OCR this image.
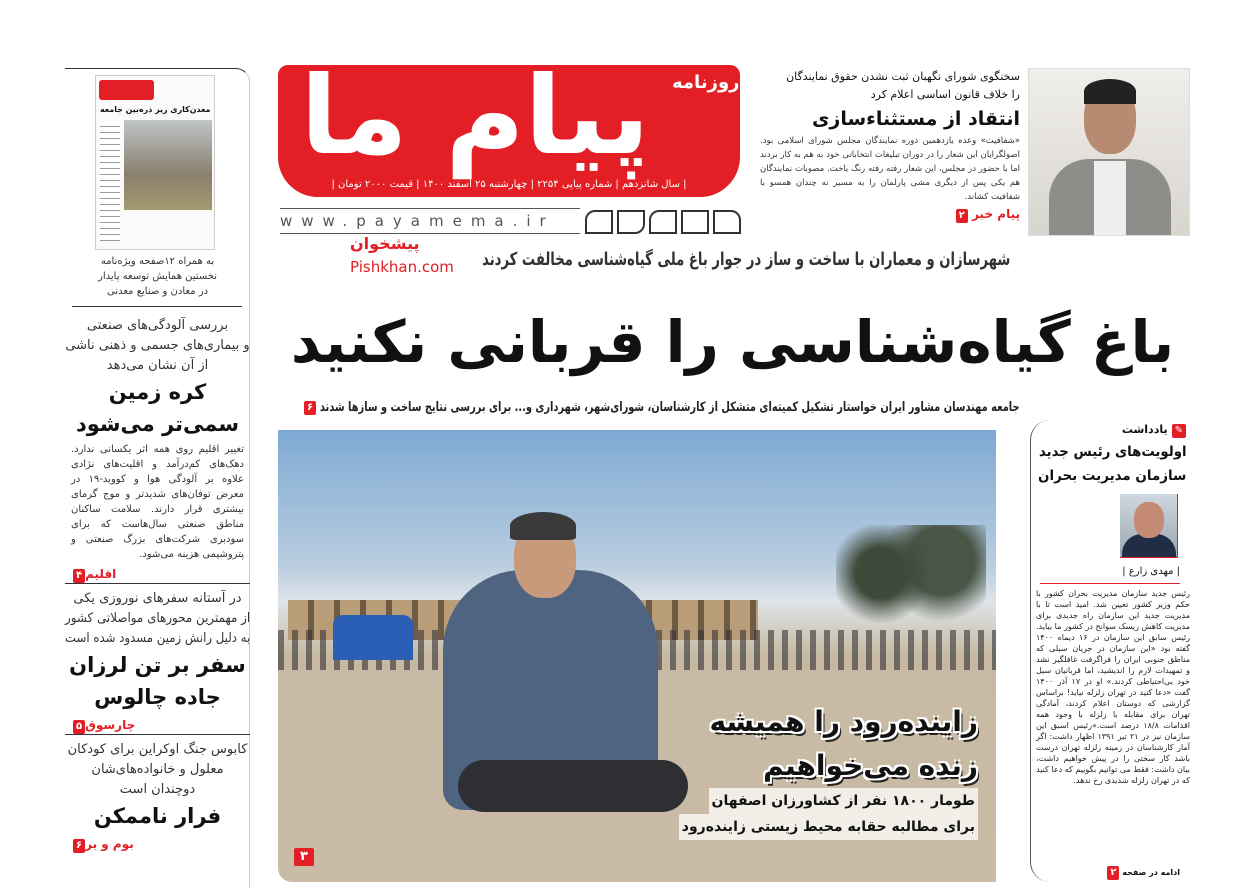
معدن‌کاری زیر ذره‌بین جامعه
به همراه ۱۲صفحه ویژه‌نامه
نخستین همایش توسعه پایدار
در معادن و صنایع معدنی
بررسی آلودگی‌های صنعتی
و بیماری‌های جسمی و ذهنی ناشی
از آن نشان می‌دهد
کره زمین
سمی‌تر می‌شود
تغییر اقلیم روی همه اثر یکسانی ندارد. دهک‌های کم‌درآمد و اقلیت‌های نژادی علاوه بر آلودگی هوا و کووید-۱۹ در معرض توفان‌های شدیدتر و موج گرمای بیشتری قرار دارند. سلامت ساکنان مناطق صنعتی سال‌هاست که برای سودبری شرکت‌های بزرگ صنعتی و پتروشیمی هزینه می‌شود.
اقلیم۴
در آستانه سفرهای نوروزی یکی
از مهمترین محورهای مواصلاتی کشور
به دلیل رانش زمین مسدود شده است
سفر بر تن لرزان
جاده چالوس
چارسوق۵
کابوس جنگ اوکراین برای کودکان
معلول و خانواده‌های‌شان
دوچندان است
فرار ناممکن
بوم و بر۶
پیام ما	روزنامه
| سال شانزدهم | شماره پیاپی ۲۲۵۴ | چهارشنبه ۲۵ اسفند ۱۴۰۰ | قیمت ۲۰۰۰ تومان |
www.payamema.ir
پیشخوان
Pishkhan.com
سخنگوی شورای نگهبان ثبت نشدن حقوق نمایندگان
را خلاف قانون اساسی اعلام کرد
انتقاد از مستثناءسازی
«شفافیت» وعده یازدهمین دوره نمایندگان مجلس شورای اسلامی بود. اصولگرایان این شعار را در دوران تبلیغات انتخاباتی خود به هم به کار بردند اما با حضور در مجلس، این شعار رفته رفته رنگ باخت. مصوبات نمایندگان هم یکی پس از دیگری مشی پارلمان را به مسیر نه چندان همسو با شفافیت کشاند.
پیام خبر ۲
شهرسازان و معماران با ساخت و ساز در جوار باغ ملی گیاه‌شناسی مخالفت کردند
باغ گیاه‌شناسی را قربانی نکنید
جامعه مهندسان مشاور ایران خواستار تشکیل کمیته‌ای متشکل از کارشناسان، شورای‌شهر، شهرداری و... برای بررسی نتایج ساخت و سازها شدند
۶
زاینده‌رود را همیشه
زنده می‌خواهیم
طومار ۱۸۰۰ نفر از کشاورزان اصفهان
برای مطالبه حقابه محیط زیستی زاینده‌رود
۳
✎یادداشت
اولویت‌های رئیس جدید
سازمان مدیریت بحران
| مهدی زارع |
رئیس جدید سازمان مدیریت بحران کشور با حکم وزیر کشور تعیین شد. امید است تا با مدیریت جدید این سازمان راه جدیدی برای مدیریت کاهش ریسک سوانح در کشور ما بیاید. رئیس سابق این سازمان در ۱۶ دیماه ۱۴۰۰ گفته بود «این سازمان در جریان سیلی که مناطق جنوبی ایران را فراگرفت غافلگیر نشد و تمهیدات لازم را اندیشید، اما قربانیان سیل خود بی‌احتیاطی کردند.» او در ۱۷ آذر ۱۴۰۰ گفت «دعا کنید در تهران زلزله نیاید! براساس گزارشی که دوستان اعلام کردند، آمادگی تهران برای مقابله با زلزله با وجود همه اقدامات ۱۸/۸ درصد است.»رئیس اسبق این سازمان نیز در ۲۱ تیر ۱۳۹۱ اظهار داشت: اگر آمار کارشناسان در زمینه زلزله تهران درست باشد کار سختی را در پیش خواهیم داشت، بیان داشت: فقط می توانیم بگوییم که دعا کنید که در تهران زلزله شدیدی رخ ندهد.
ادامه در صفحه ۲
